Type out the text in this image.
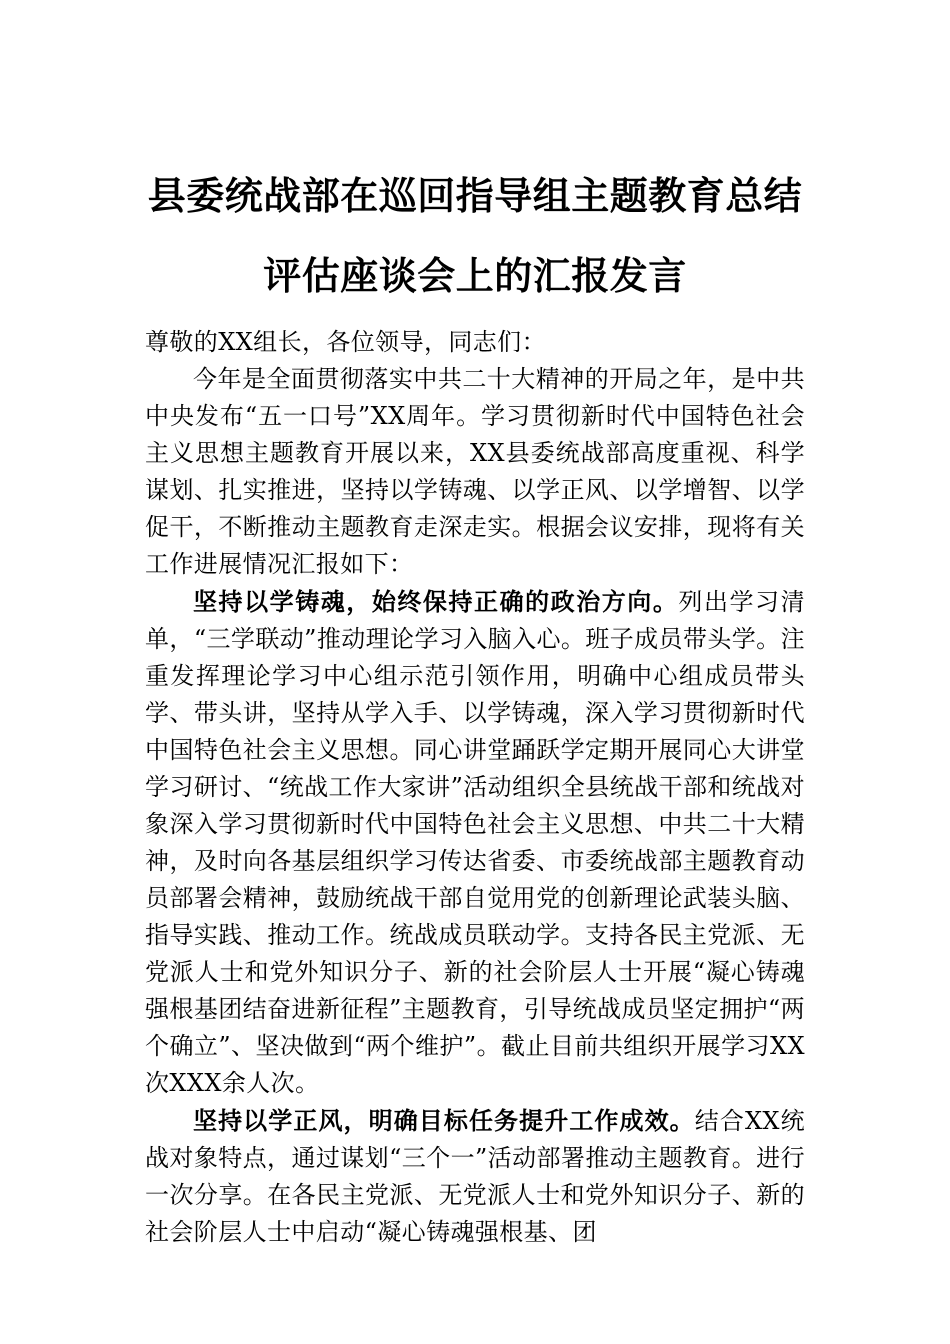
县委统战部在巡回指导组主题教育总结评估座谈会上的汇报发言

尊敬的XX组长，各位领导，同志们：

今年是全面贯彻落实中共二十大精神的开局之年，是中共中央发布“五一口号”XX周年。学习贯彻新时代中国特色社会主义思想主题教育开展以来，XX县委统战部高度重视、科学谋划、扎实推进，坚持以学铸魂、以学正风、以学增智、以学促干，不断推动主题教育走深走实。根据会议安排，现将有关工作进展情况汇报如下：

坚持以学铸魂，始终保持正确的政治方向。列出学习清单，“三学联动”推动理论学习入脑入心。班子成员带头学。注重发挥理论学习中心组示范引领作用，明确中心组成员带头学、带头讲，坚持从学入手、以学铸魂，深入学习贯彻新时代中国特色社会主义思想。同心讲堂踊跃学定期开展同心大讲堂学习研讨、“统战工作大家讲”活动组织全县统战干部和统战对象深入学习贯彻新时代中国特色社会主义思想、中共二十大精神，及时向各基层组织学习传达省委、市委统战部主题教育动员部署会精神，鼓励统战干部自觉用党的创新理论武装头脑、指导实践、推动工作。统战成员联动学。支持各民主党派、无党派人士和党外知识分子、新的社会阶层人士开展“凝心铸魂强根基团结奋进新征程”主题教育，引导统战成员坚定拥护“两个确立”、坚决做到“两个维护”。截止目前共组织开展学习XX次XXX余人次。

坚持以学正风，明确目标任务提升工作成效。结合XX统战对象特点，通过谋划“三个一”活动部署推动主题教育。进行一次分享。在各民主党派、无党派人士和党外知识分子、新的社会阶层人士中启动“凝心铸魂强根基、团
